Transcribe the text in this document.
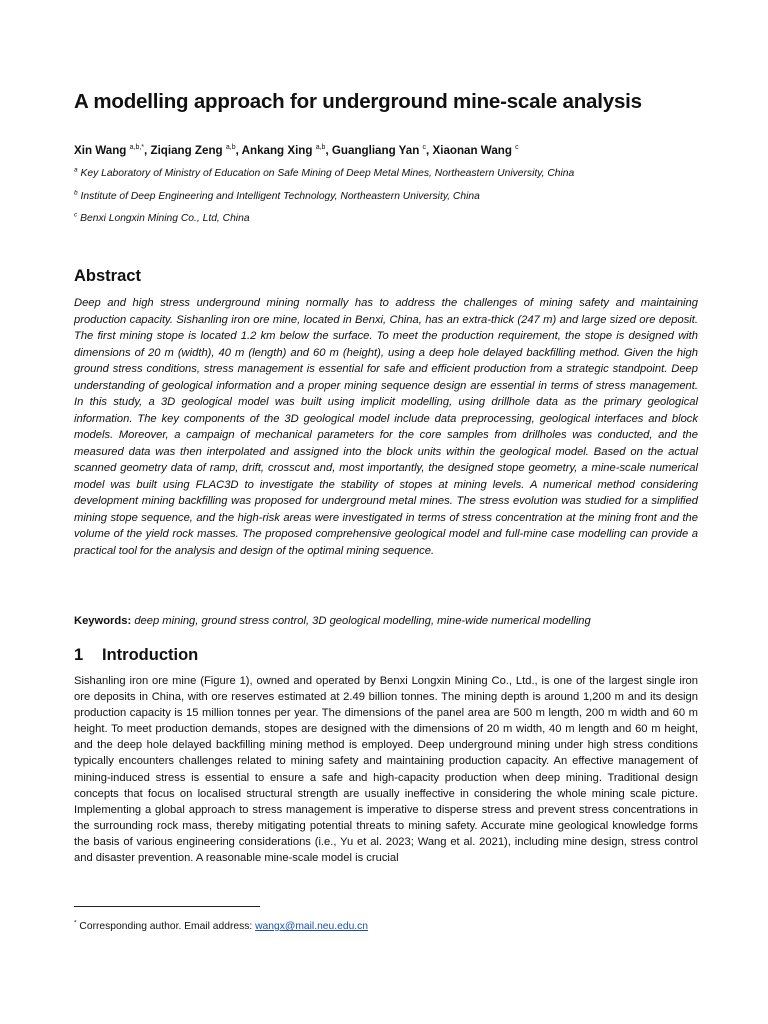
A modelling approach for underground mine-scale analysis
Xin Wang $^{a,b,*}$, Ziqiang Zeng $^{a,b}$, Ankang Xing $^{a,b}$, Guangliang Yan $^c$, Xiaonan Wang $^c$
$^a$ Key Laboratory of Ministry of Education on Safe Mining of Deep Metal Mines, Northeastern University, China
$^b$ Institute of Deep Engineering and Intelligent Technology, Northeastern University, China
$^c$ Benxi Longxin Mining Co., Ltd, China
Abstract

Deep and high stress underground mining normally has to address the challenges of mining safety and maintaining production capacity. Sishanling iron ore mine, located in Benxi, China, has an extra-thick (247 m) and large sized ore deposit. The first mining stope is located 1.2 km below the surface. To meet the production requirement, the stope is designed with dimensions of 20 m (width), 40 m (length) and 60 m (height), using a deep hole delayed backfilling method. Given the high ground stress conditions, stress management is essential for safe and efficient production from a strategic standpoint. Deep understanding of geological information and a proper mining sequence design are essential in terms of stress management. In this study, a 3D geological model was built using implicit modelling, using drillhole data as the primary geological information. The key components of the 3D geological model include data preprocessing, geological interfaces and block models. Moreover, a campaign of mechanical parameters for the core samples from drillholes was conducted, and the measured data was then interpolated and assigned into the block units within the geological model. Based on the actual scanned geometry data of ramp, drift, crosscut and, most importantly, the designed stope geometry, a mine-scale numerical model was built using FLAC3D to investigate the stability of stopes at mining levels. A numerical method considering development mining backfilling was proposed for underground metal mines. The stress evolution was studied for a simplified mining stope sequence, and the high-risk areas were investigated in terms of stress concentration at the mining front and the volume of the yield rock masses. The proposed comprehensive geological model and full-mine case modelling can provide a practical tool for the analysis and design of the optimal mining sequence.

Keywords: deep mining, ground stress control, 3D geological modelling, mine-wide numerical modelling

1 Introduction

Sishanling iron ore mine (Figure 1), owned and operated by Benxi Longxin Mining Co., Ltd., is one of the largest single iron ore deposits in China, with ore reserves estimated at 2.49 billion tonnes. The mining depth is around 1,200 m and its design production capacity is 15 million tonnes per year. The dimensions of the panel area are 500 m length, 200 m width and 60 m height. To meet production demands, stopes are designed with the dimensions of 20 m width, 40 m length and 60 m height, and the deep hole delayed backfilling mining method is employed. Deep underground mining under high stress conditions typically encounters challenges related to mining safety and maintaining production capacity. An effective management of mining-induced stress is essential to ensure a safe and high-capacity production when deep mining. Traditional design concepts that focus on localised structural strength are usually ineffective in considering the whole mining scale picture. Implementing a global approach to stress management is imperative to disperse stress and prevent stress concentrations in the surrounding rock mass, thereby mitigating potential threats to mining safety. Accurate mine geological knowledge forms the basis of various engineering considerations (i.e., Yu et al. 2023; Wang et al. 2021), including mine design, stress control and disaster prevention. A reasonable mine-scale model is crucial

* Corresponding author. Email address: wangx@mail.neu.edu.cn
